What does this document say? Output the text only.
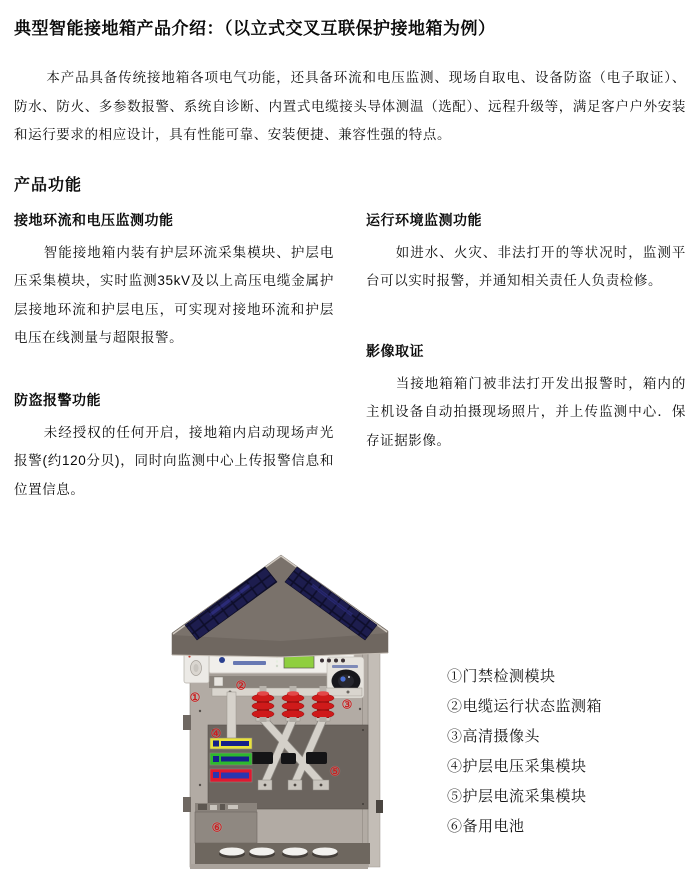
典型智能接地箱产品介绍：（以立式交叉互联保护接地箱为例）

本产品具备传统接地箱各项电气功能，还具备环流和电压监测、现场自取电、设备防盗（电子取证）、防水、防火、多参数报警、系统自诊断、内置式电缆接头导体测温（选配）、远程升级等，满足客户户外安装和运行要求的相应设计，具有性能可靠、安装便捷、兼容性强的特点。

产品功能
接地环流和电压监测功能

智能接地箱内装有护层环流采集模块、护层电压采集模块，实时监测35kV及以上高压电缆金属护层接地环流和护层电压，可实现对接地环流和护层电压在线测量与超限报警。

防盗报警功能

未经授权的任何开启，接地箱内启动现场声光报警(约120分贝)，同时向监测中心上传报警信息和位置信息。

运行环境监测功能

如进水、火灾、非法打开的等状况时，监测平台可以实时报警，并通知相关责任人负责检修。

影像取证

当接地箱箱门被非法打开发出报警时，箱内的主机设备自动拍摄现场照片，并上传监测中心．保存证据影像。

①
②
③
④
⑤
⑥
①门禁检测模块
②电缆运行状态监测箱
③高清摄像头
④护层电压采集模块
⑤护层电流采集模块
⑥备用电池
